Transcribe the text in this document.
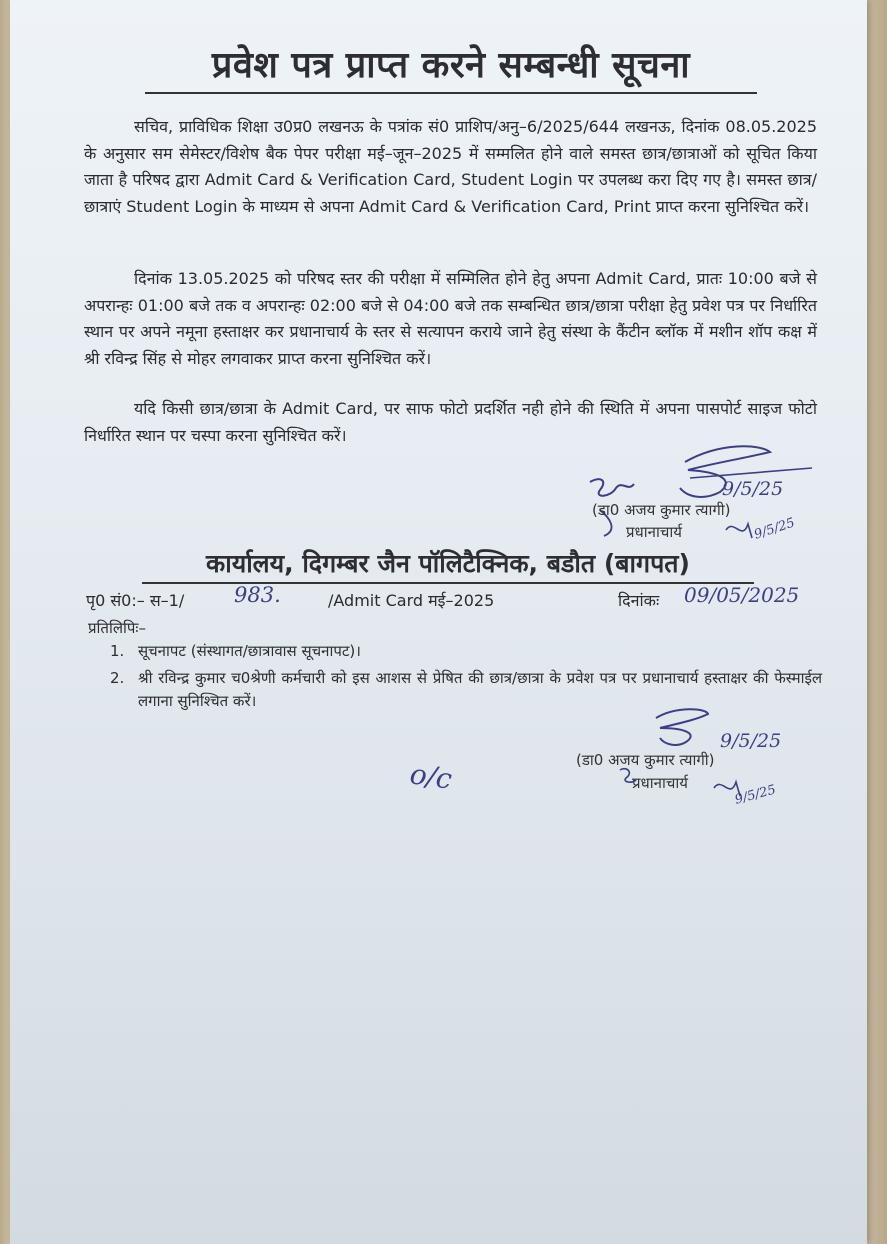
प्रवेश पत्र प्राप्त करने सम्बन्धी सूचना
सचिव, प्राविधिक शिक्षा उ0प्र0 लखनऊ के पत्रांक सं0 प्राशिप/अनु–6/2025/644 लखनऊ, दिनांक 08.05.2025 के अनुसार सम सेमेस्टर/विशेष बैक पेपर परीक्षा मई–जून–2025 में सम्मलित होने वाले समस्त छात्र/छात्राओं को सूचित किया जाता है परिषद द्वारा Admit Card & Verification Card, Student Login पर उपलब्ध करा दिए गए है। समस्त छात्र/छात्राएं Student Login के माध्यम से अपना Admit Card & Verification Card, Print प्राप्त करना सुनिश्चित करें।
दिनांक 13.05.2025 को परिषद स्तर की परीक्षा में सम्मिलित होने हेतु अपना Admit Card, प्रातः 10:00 बजे से अपरान्हः 01:00 बजे तक व अपरान्हः 02:00 बजे से 04:00 बजे तक सम्बन्धित छात्र/छात्रा परीक्षा हेतु प्रवेश पत्र पर निर्धारित स्थान पर अपने नमूना हस्ताक्षर कर प्रधानाचार्य के स्तर से सत्यापन कराये जाने हेतु संस्था के कैंटीन ब्लॉक में मशीन शॉप कक्ष में श्री रविन्द्र सिंह से मोहर लगवाकर प्राप्त करना सुनिश्चित करें।
यदि किसी छात्र/छात्रा के Admit Card, पर साफ फोटो प्रदर्शित नही होने की स्थिति में अपना पासपोर्ट साइज फोटो निर्धारित स्थान पर चस्पा करना सुनिश्चित करें।
9/5/25
(डा0 अजय कुमार त्यागी)
प्रधानाचार्य	9/5/25
कार्यालय, दिगम्बर जैन पॉलिटैक्निक, बडौत (बागपत)
पृ0 सं0:– स–1/ 983.	/Admit Card मई–2025	दिनांकः 09/05/2025
प्रतिलिपिः–
1. सूचनापट (संस्थागत/छात्रावास सूचनापट)।
2. श्री रविन्द्र कुमार च0श्रेणी कर्मचारी को इस आशस से प्रेषित की छात्र/छात्रा के प्रवेश पत्र पर प्रधानाचार्य हस्ताक्षर की फेस्माईल लगाना सुनिश्चित करें।
9/5/25
(डा0 अजय कुमार त्यागी)
प्रधानाचार्य	9/5/25
o/c
